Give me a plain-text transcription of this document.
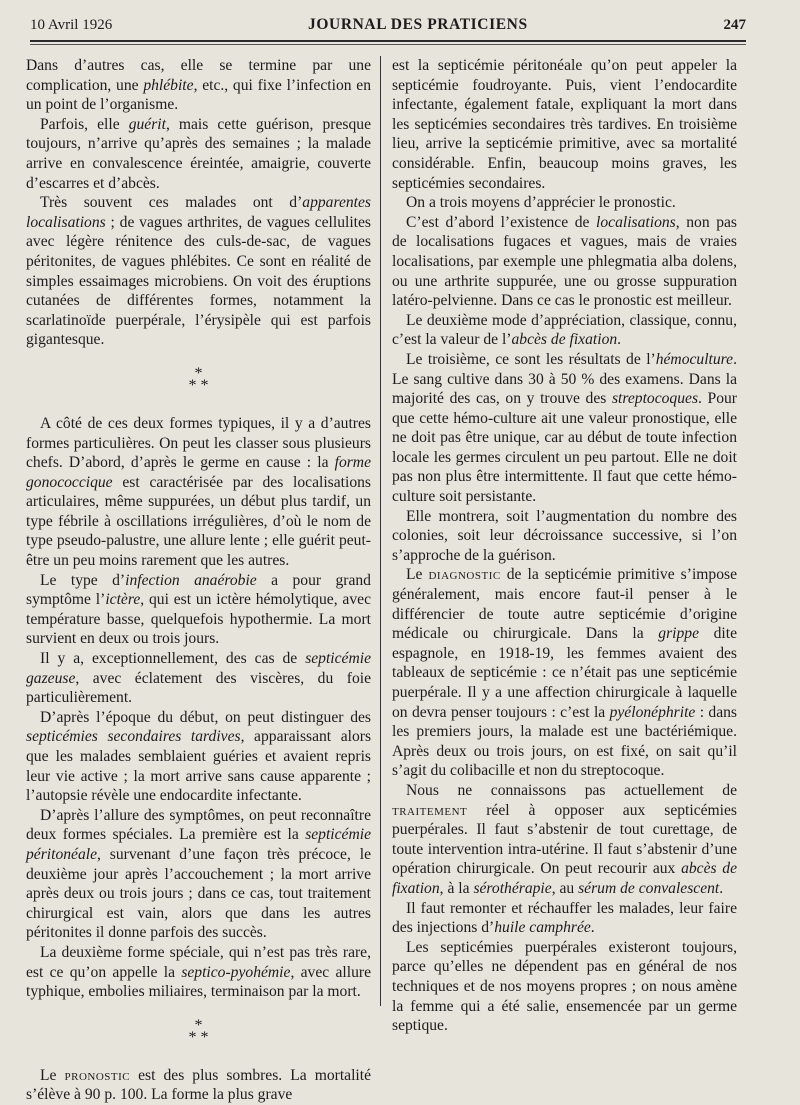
10 Avril 1926	JOURNAL DES PRATICIENS	247

Dans d’autres cas, elle se termine par une complication, une phlébite, etc., qui fixe l’infection en un point de l’organisme.

Parfois, elle guérit, mais cette guérison, presque toujours, n’arrive qu’après des semaines ; la malade arrive en convalescence éreintée, amaigrie, couverte d’escarres et d’abcès.

Très souvent ces malades ont d’apparentes localisations ; de vagues arthrites, de vagues cellulites avec légère rénitence des culs-de-sac, de vagues péritonites, de vagues phlébites. Ce sont en réalité de simples essaimages microbiens. On voit des éruptions cutanées de différentes formes, notamment la scarlatinoïde puerpérale, l’érysipèle qui est parfois gigantesque.

*
* *

A côté de ces deux formes typiques, il y a d’autres formes particulières. On peut les classer sous plusieurs chefs. D’abord, d’après le germe en cause : la forme gonococcique est caractérisée par des localisations articulaires, même suppurées, un début plus tardif, un type fébrile à oscillations irrégulières, d’où le nom de type pseudo-palustre, une allure lente ; elle guérit peut-être un peu moins rarement que les autres.

Le type d’infection anaérobie a pour grand symptôme l’ictère, qui est un ictère hémolytique, avec température basse, quelquefois hypothermie. La mort survient en deux ou trois jours.

Il y a, exceptionnellement, des cas de septicémie gazeuse, avec éclatement des viscères, du foie particulièrement.

D’après l’époque du début, on peut distinguer des septicémies secondaires tardives, apparaissant alors que les malades semblaient guéries et avaient repris leur vie active ; la mort arrive sans cause apparente ; l’autopsie révèle une endocardite infectante.

D’après l’allure des symptômes, on peut reconnaître deux formes spéciales. La première est la septicémie péritonéale, survenant d’une façon très précoce, le deuxième jour après l’accouchement ; la mort arrive après deux ou trois jours ; dans ce cas, tout traitement chirurgical est vain, alors que dans les autres péritonites il donne parfois des succès.

La deuxième forme spéciale, qui n’est pas très rare, est ce qu’on appelle la septico-pyohémie, avec allure typhique, embolies miliaires, terminaison par la mort.

*
* *

Le pronostic est des plus sombres. La mortalité s’élève à 90 p. 100. La forme la plus grave

est la septicémie péritonéale qu’on peut appeler la septicémie foudroyante. Puis, vient l’endocardite infectante, également fatale, expliquant la mort dans les septicémies secondaires très tardives. En troisième lieu, arrive la septicémie primitive, avec sa mortalité considérable. Enfin, beaucoup moins graves, les septicémies secondaires.

On a trois moyens d’apprécier le pronostic.

C’est d’abord l’existence de localisations, non pas de localisations fugaces et vagues, mais de vraies localisations, par exemple une phlegmatia alba dolens, ou une arthrite suppurée, une ou grosse suppuration latéro-pelvienne. Dans ce cas le pronostic est meilleur.

Le deuxième mode d’appréciation, classique, connu, c’est la valeur de l’abcès de fixation.

Le troisième, ce sont les résultats de l’hémoculture. Le sang cultive dans 30 à 50 % des examens. Dans la majorité des cas, on y trouve des streptocoques. Pour que cette hémo-culture ait une valeur pronostique, elle ne doit pas être unique, car au début de toute infection locale les germes circulent un peu partout. Elle ne doit pas non plus être intermittente. Il faut que cette hémo-culture soit persistante.

Elle montrera, soit l’augmentation du nombre des colonies, soit leur décroissance successive, si l’on s’approche de la guérison.

Le diagnostic de la septicémie primitive s’impose généralement, mais encore faut-il penser à le différencier de toute autre septicémie d’origine médicale ou chirurgicale. Dans la grippe dite espagnole, en 1918-19, les femmes avaient des tableaux de septicémie : ce n’était pas une septicémie puerpérale. Il y a une affection chirurgicale à laquelle on devra penser toujours : c’est la pyélonéphrite : dans les premiers jours, la malade est une bactériémique. Après deux ou trois jours, on est fixé, on sait qu’il s’agit du colibacille et non du streptocoque.

Nous ne connaissons pas actuellement de traitement réel à opposer aux septicémies puerpérales. Il faut s’abstenir de tout curettage, de toute intervention intra-utérine. Il faut s’abstenir d’une opération chirurgicale. On peut recourir aux abcès de fixation, à la sérothérapie, au sérum de convalescent.

Il faut remonter et réchauffer les malades, leur faire des injections d’huile camphrée.

Les septicémies puerpérales existeront toujours, parce qu’elles ne dépendent pas en général de nos techniques et de nos moyens propres ; on nous amène la femme qui a été salie, ensemencée par un germe septique.
